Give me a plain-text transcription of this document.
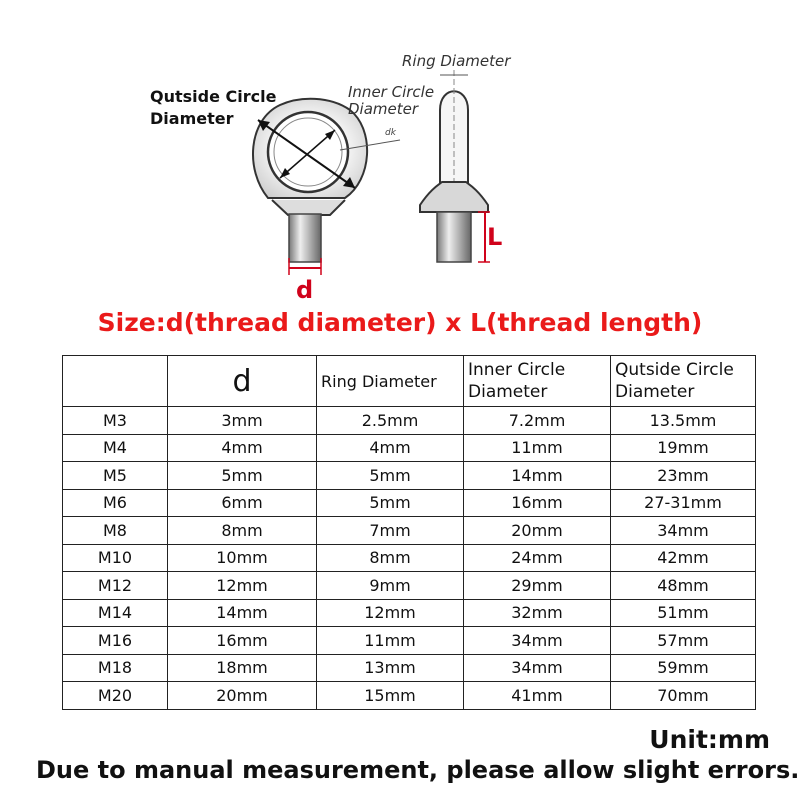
Qutside Circle
Diameter
Ring Diameter
Inner Circle
Diameter
dk
d
L
Size:d(thread diameter) x L(thread length)
	d	Ring Diameter	Inner Circle Diameter	Qutside Circle Diameter
M3	3mm	2.5mm	7.2mm	13.5mm
M4	4mm	4mm	11mm	19mm
M5	5mm	5mm	14mm	23mm
M6	6mm	5mm	16mm	27-31mm
M8	8mm	7mm	20mm	34mm
M10	10mm	8mm	24mm	42mm
M12	12mm	9mm	29mm	48mm
M14	14mm	12mm	32mm	51mm
M16	16mm	11mm	34mm	57mm
M18	18mm	13mm	34mm	59mm
M20	20mm	15mm	41mm	70mm
Unit:mm
Due to manual measurement, please allow slight errors.
